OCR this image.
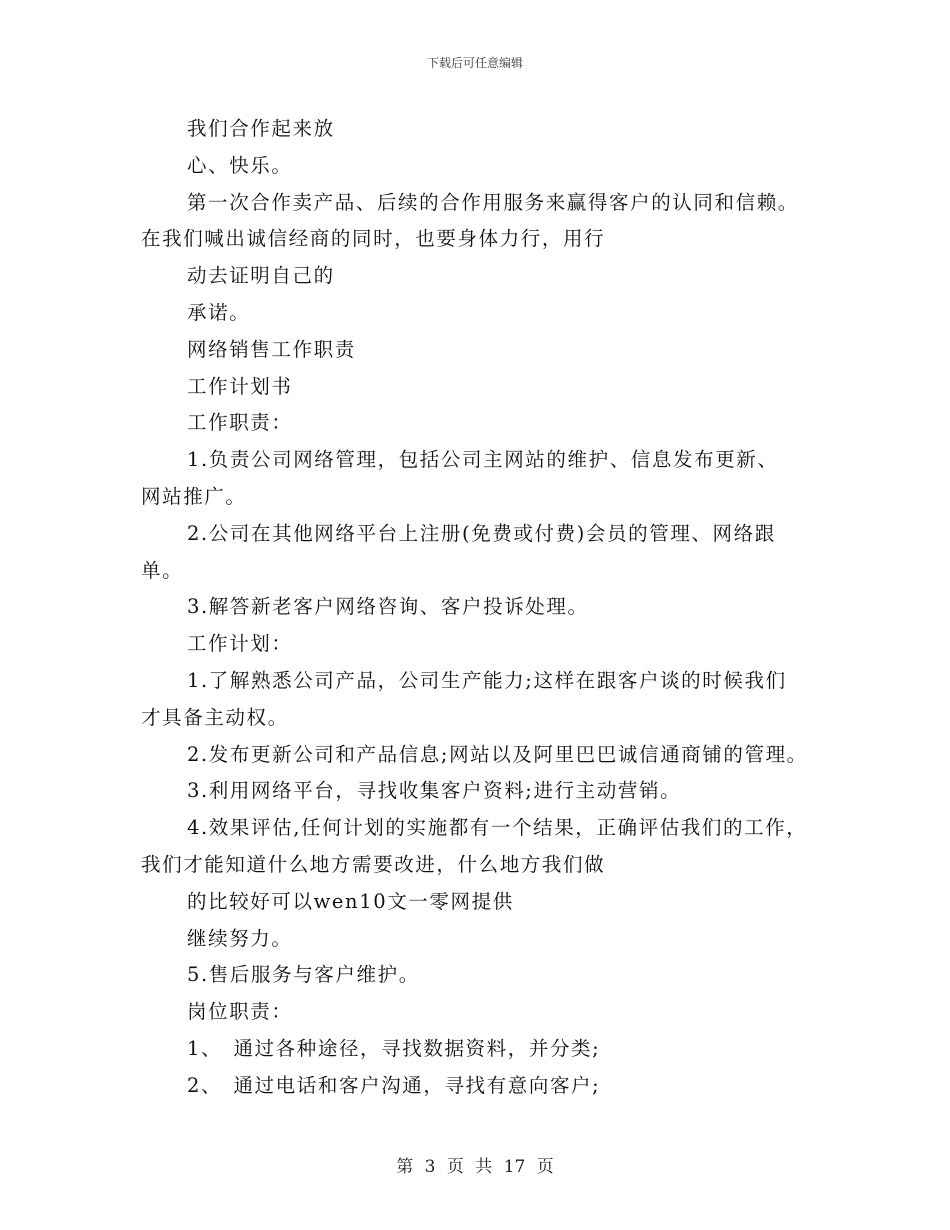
下载后可任意编辑
我们合作起来放
心、快乐。
第一次合作卖产品、后续的合作用服务来赢得客户的认同和信赖。
在我们喊出诚信经商的同时，也要身体力行，用行
动去证明自己的
承诺。
网络销售工作职责
工作计划书
工作职责：
1.负责公司网络管理，包括公司主网站的维护、信息发布更新、
网站推广。
2.公司在其他网络平台上注册(免费或付费)会员的管理、网络跟
单。
3.解答新老客户网络咨询、客户投诉处理。
工作计划：
1.了解熟悉公司产品，公司生产能力;这样在跟客户谈的时候我们
才具备主动权。
2.发布更新公司和产品信息;网站以及阿里巴巴诚信通商铺的管理。
3.利用网络平台，寻找收集客户资料;进行主动营销。
4.效果评估,任何计划的实施都有一个结果，正确评估我们的工作，
我们才能知道什么地方需要改进，什么地方我们做
的比较好可以wen10文一零网提供
继续努力。
5.售后服务与客户维护。
岗位职责：
1、　通过各种途径，寻找数据资料，并分类;
2、　通过电话和客户沟通，寻找有意向客户;
第 3 页 共 17 页
